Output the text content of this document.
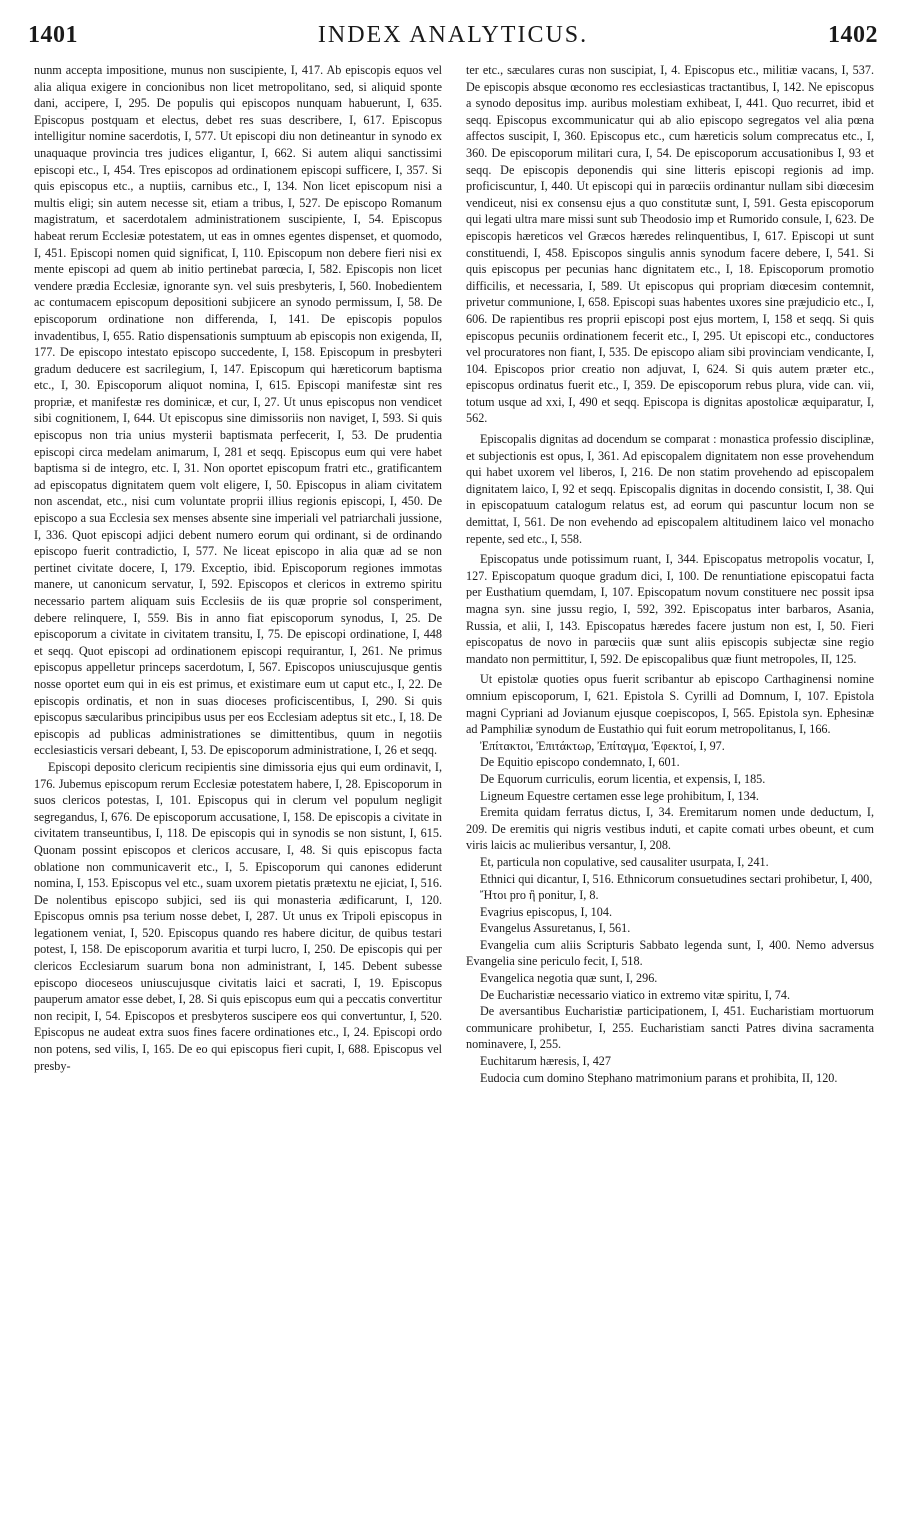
1401	INDEX ANALYTICUS.	1402

nunm accepta impositione, munus non suscipiente, I, 417. Ab episcopis equos vel alia aliqua exigere in concionibus non licet metropolitano, sed, si aliquid sponte dani, accipere, I, 295. De populis qui episcopos nunquam habuerunt, I, 635. Episcopus postquam et electus, debet res suas describere, I, 617. Episcopus intelligitur nomine sacerdotis, I, 577. Ut episcopi diu non detineantur in synodo ex unaquaque provincia tres judices eligantur, I, 662. Si autem aliqui sanctissimi episcopi etc., I, 454. Tres episcopos ad ordinationem episcopi sufficere, I, 357. Si quis episcopus etc., a nuptiis, carnibus etc., I, 134. Non licet episcopum nisi a multis eligi; sin autem necesse sit, etiam a tribus, I, 527. De episcopo Romanum magistratum, et sacerdotalem administrationem suscipiente, I, 54. Episcopus habeat rerum Ecclesiæ potestatem, ut eas in omnes egentes dispenset, et quomodo, I, 451. Episcopi nomen quid significat, I, 110. Episcopum non debere fieri nisi ex mente episcopi ad quem ab initio pertinebat parœcia, I, 582. Episcopis non licet vendere prædia Ecclesiæ, ignorante syn. vel suis presbyteris, I, 560. Inobedientem ac contumacem episcopum depositioni subjicere an synodo permissum, I, 58. De episcoporum ordinatione non differenda, I, 141. De episcopis populos invadentibus, I, 655. Ratio dispensationis sumptuum ab episcopis non exigenda, II, 177. De episcopo intestato episcopo succedente, I, 158. Episcopum in presbyteri gradum deducere est sacrilegium, I, 147. Episcopum qui hæreticorum baptisma etc., I, 30. Episcoporum aliquot nomina, I, 615. Episcopi manifestæ sint res propriæ, et manifestæ res dominicæ, et cur, I, 27. Ut unus episcopus non vendicet sibi cognitionem, I, 644. Ut episcopus sine dimissoriis non naviget, I, 593. Si quis episcopus non tria unius mysterii baptismata perfecerit, I, 53. De prudentia episcopi circa medelam animarum, I, 281 et seqq. Episcopus eum qui vere habet baptisma si de integro, etc. I, 31. Non oportet episcopum fratri etc., gratificantem ad episcopatus dignitatem quem volt eligere, I, 50. Episcopus in aliam civitatem non ascendat, etc., nisi cum voluntate proprii illius regionis episcopi, I, 450. De episcopo a sua Ecclesia sex menses absente sine imperiali vel patriarchali jussione, I, 336. Quot episcopi adjici debent numero eorum qui ordinant, si de ordinando episcopo fuerit contradictio, I, 577. Ne liceat episcopo in alia quæ ad se non pertinet civitate docere, I, 179. Exceptio, ibid. Episcoporum regiones immotas manere, ut canonicum servatur, I, 592. Episcopos et clericos in extremo spiritu necessario partem aliquam suis Ecclesiis de iis quæ proprie sol consperiment, debere relinquere, I, 559. Bis in anno fiat episcoporum synodus, I, 25. De episcoporum a civitate in civitatem transitu, I, 75. De episcopi ordinatione, I, 448 et seqq. Quot episcopi ad ordinationem episcopi requirantur, I, 261. Ne primus episcopus appelletur princeps sacerdotum, I, 567. Episcopos uniuscujusque gentis nosse oportet eum qui in eis est primus, et existimare eum ut caput etc., I, 22. De episcopis ordinatis, et non in suas dioceses proficiscentibus, I, 290. Si quis episcopus sæcularibus principibus usus per eos Ecclesiam adeptus sit etc., I, 18. De episcopis ad publicas administrationes se dimittentibus, quum in negotiis ecclesiasticis versari debeant, I, 53. De episcoporum administratione, I, 26 et seqq.

Episcopi deposito clericum recipientis sine dimissoria ejus qui eum ordinavit, I, 176. Jubemus episcopum rerum Ecclesiæ potestatem habere, I, 28. Episcoporum in suos clericos potestas, I, 101. Episcopus qui in clerum vel populum negligit segregandus, I, 676. De episcoporum accusatione, I, 158. De episcopis a civitate in civitatem transeuntibus, I, 118. De episcopis qui in synodis se non sistunt, I, 615. Quonam possint episcopos et clericos accusare, I, 48. Si quis episcopus facta oblatione non communicaverit etc., I, 5. Episcoporum qui canones ediderunt nomina, I, 153. Episcopus vel etc., suam uxorem pietatis prætextu ne ejiciat, I, 516. De nolentibus episcopo subjici, sed iis qui monasteria ædificarunt, I, 120. Episcopus omnis psa terium nosse debet, I, 287. Ut unus ex Tripoli episcopus in legationem veniat, I, 520. Episcopus quando res habere dicitur, de quibus testari potest, I, 158. De episcoporum avaritia et turpi lucro, I, 250. De episcopis qui per clericos Ecclesiarum suarum bona non administrant, I, 145. Debent subesse episcopo dioceseos uniuscujusque civitatis laici et sacrati, I, 19. Episcopus pauperum amator esse debet, I, 28. Si quis episcopus eum qui a peccatis convertitur non recipit, I, 54. Episcopos et presbyteros suscipere eos qui convertuntur, I, 520. Episcopus ne audeat extra suos fines facere ordinationes etc., I, 24. Episcopi ordo non potens, sed vilis, I, 165. De eo qui episcopus fieri cupit, I, 688. Episcopus vel presby-

ter etc., sæculares curas non suscipiat, I, 4. Episcopus etc., militiæ vacans, I, 537. De episcopis absque œconomo res ecclesiasticas tractantibus, I, 142. Ne episcopus a synodo depositus imp. auribus molestiam exhibeat, I, 441. Quo recurret, ibid et seqq. Episcopus excommunicatur qui ab alio episcopo segregatos vel alia pœna affectos suscipit, I, 360. Episcopus etc., cum hæreticis solum comprecatus etc., I, 360. De episcoporum militari cura, I, 54. De episcoporum accusationibus I, 93 et seqq. De episcopis deponendis qui sine litteris episcopi regionis ad imp. proficiscuntur, I, 440. Ut episcopi qui in parœciis ordinantur nullam sibi diœcesim vendiceut, nisi ex consensu ejus a quo constitutæ sunt, I, 591. Gesta episcoporum qui legati ultra mare missi sunt sub Theodosio imp et Rumorido consule, I, 623. De episcopis hæreticos vel Græcos hæredes relinquentibus, I, 617. Episcopi ut sunt constituendi, I, 458. Episcopos singulis annis synodum facere debere, I, 541. Si quis episcopus per pecunias hanc dignitatem etc., I, 18. Episcoporum promotio difficilis, et necessaria, I, 589. Ut episcopus qui propriam diœcesim contemnit, privetur communione, I, 658. Episcopi suas habentes uxores sine præjudicio etc., I, 606. De rapientibus res proprii episcopi post ejus mortem, I, 158 et seqq. Si quis episcopus pecuniis ordinationem fecerit etc., I, 295. Ut episcopi etc., conductores vel procuratores non fiant, I, 535. De episcopo aliam sibi provinciam vendicante, I, 104. Episcopos prior creatio non adjuvat, I, 624. Si quis autem præter etc., episcopus ordinatus fuerit etc., I, 359. De episcoporum rebus plura, vide can. vii, totum usque ad xxi, I, 490 et seqq. Episcopa is dignitas apostolicæ æquiparatur, I, 562.

Episcopalis dignitas ad docendum se comparat : monastica professio disciplinæ, et subjectionis est opus, I, 361. Ad episcopalem dignitatem non esse provehendum qui habet uxorem vel liberos, I, 216. De non statim provehendo ad episcopalem dignitatem laico, I, 92 et seqq. Episcopalis dignitas in docendo consistit, I, 38. Qui in episcopatuum catalogum relatus est, ad eorum qui pascuntur locum non se demittat, I, 561. De non evehendo ad episcopalem altitudinem laico vel monacho repente, sed etc., I, 558.

Episcopatus unde potissimum ruant, I, 344. Episcopatus metropolis vocatur, I, 127. Episcopatum quoque gradum dici, I, 100. De renuntiatione episcopatui facta per Eusthatium quemdam, I, 107. Episcopatum novum constituere nec possit ipsa magna syn. sine jussu regio, I, 592, 392. Episcopatus inter barbaros, Asania, Russia, et alii, I, 143. Episcopatus hæredes facere justum non est, I, 50. Fieri episcopatus de novo in parœciis quæ sunt aliis episcopis subjectæ sine regio mandato non permittitur, I, 592. De episcopalibus quæ fiunt metropoles, II, 125.

Ut epistolæ quoties opus fuerit scribantur ab episcopo Carthaginensi nomine omnium episcoporum, I, 621. Epistola S. Cyrilli ad Domnum, I, 107. Epistola magni Cypriani ad Jovianum ejusque coepiscopos, I, 565. Epistola syn. Ephesinæ ad Pamphiliæ synodum de Eustathio qui fuit eorum metropolitanus, I, 166.

Ἐπίτακτοι, Ἐπιτάκτωρ, Ἐπίταγμα, Ἐφεκτοί, I, 97.

De Equitio episcopo condemnato, I, 601.

De Equorum curriculis, eorum licentia, et expensis, I, 185.

Ligneum Equestre certamen esse lege prohibitum, I, 134.

Eremita quidam ferratus dictus, I, 34. Eremitarum nomen unde deductum, I, 209. De eremitis qui nigris vestibus induti, et capite comati urbes obeunt, et cum viris laicis ac mulieribus versantur, I, 208.

Et, particula non copulative, sed causaliter usurpata, I, 241.

Ethnici qui dicantur, I, 516. Ethnicorum consuetudines sectari prohibetur, I, 400,

Ἤτοι pro ἢ ponitur, I, 8.

Evagrius episcopus, I, 104.

Evangelus Assuretanus, I, 561.

Evangelia cum aliis Scripturis Sabbato legenda sunt, I, 400. Nemo adversus Evangelia sine periculo fecit, I, 518.

Evangelica negotia quæ sunt, I, 296.

De Eucharistiæ necessario viatico in extremo vitæ spiritu, I, 74.

De aversantibus Eucharistiæ participationem, I, 451. Eucharistiam mortuorum communicare prohibetur, I, 255. Eucharistiam sancti Patres divina sacramenta nominavere, I, 255.

Euchitarum hæresis, I, 427

Eudocia cum domino Stephano matrimonium parans et prohibita, II, 120.
